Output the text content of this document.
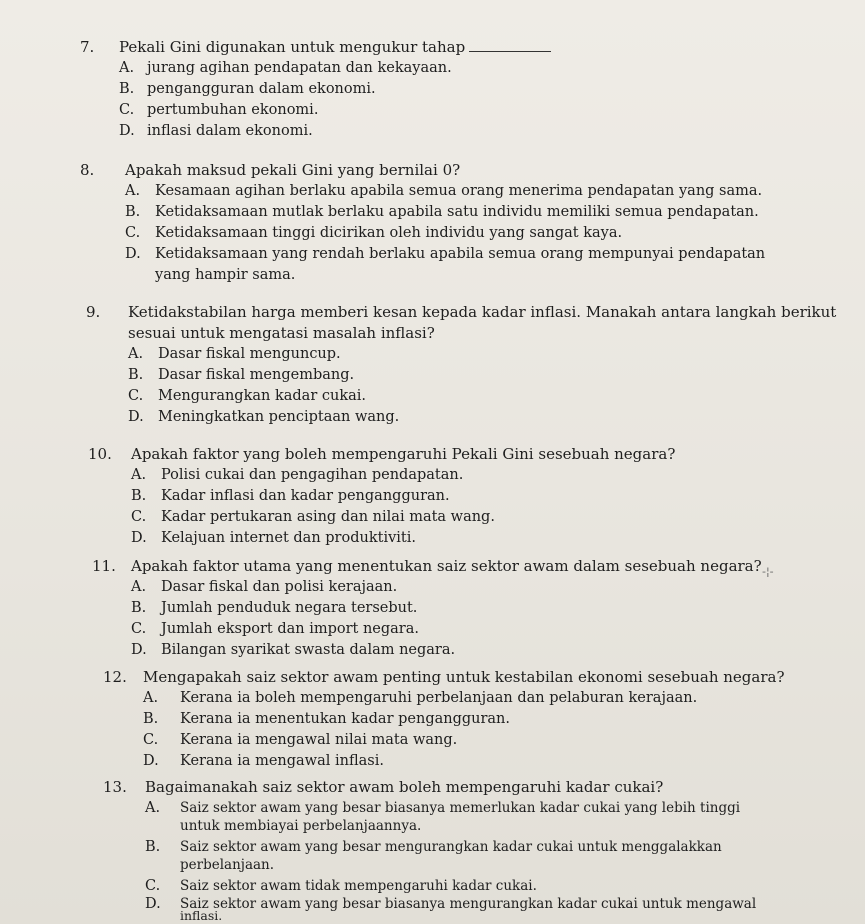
7. Pekali Gini digunakan untuk mengukur tahap
A. jurang agihan pendapatan dan kekayaan.
B. pengangguran dalam ekonomi.
C. pertumbuhan ekonomi.
D. inflasi dalam ekonomi.
8. Apakah maksud pekali Gini yang bernilai 0?
A. Kesamaan agihan berlaku apabila semua orang menerima pendapatan yang sama.
B. Ketidaksamaan mutlak berlaku apabila satu individu memiliki semua pendapatan.
C. Ketidaksamaan tinggi dicirikan oleh individu yang sangat kaya.
D. Ketidaksamaan yang rendah berlaku apabila semua orang mempunyai pendapatan
yang hampir sama.
9. Ketidakstabilan harga memberi kesan kepada kadar inflasi. Manakah antara langkah berikut
sesuai untuk mengatasi masalah inflasi?
A. Dasar fiskal menguncup.
B. Dasar fiskal mengembang.
C. Mengurangkan kadar cukai.
D. Meningkatkan penciptaan wang.
10. Apakah faktor yang boleh mempengaruhi Pekali Gini sesebuah negara?
A. Polisi cukai dan pengagihan pendapatan.
B. Kadar inflasi dan kadar pengangguran.
C. Kadar pertukaran asing dan nilai mata wang.
D. Kelajuan internet dan produktiviti.
11. Apakah faktor utama yang menentukan saiz sektor awam dalam sesebuah negara?
A. Dasar fiskal dan polisi kerajaan.
B. Jumlah penduduk negara tersebut.
C. Jumlah eksport dan import negara.
D. Bilangan syarikat swasta dalam negara.
-¦-
12. Mengapakah saiz sektor awam penting untuk kestabilan ekonomi sesebuah negara?
A. Kerana ia boleh mempengaruhi perbelanjaan dan pelaburan kerajaan.
B. Kerana ia menentukan kadar pengangguran.
C. Kerana ia mengawal nilai mata wang.
D. Kerana ia mengawal inflasi.
13. Bagaimanakah saiz sektor awam boleh mempengaruhi kadar cukai?
A. Saiz sektor awam yang besar biasanya memerlukan kadar cukai yang lebih tinggi
untuk membiayai perbelanjaannya.
B. Saiz sektor awam yang besar mengurangkan kadar cukai untuk menggalakkan
perbelanjaan.
C. Saiz sektor awam tidak mempengaruhi kadar cukai.
D. Saiz sektor awam yang besar biasanya mengurangkan kadar cukai untuk mengawal
inflasi.
